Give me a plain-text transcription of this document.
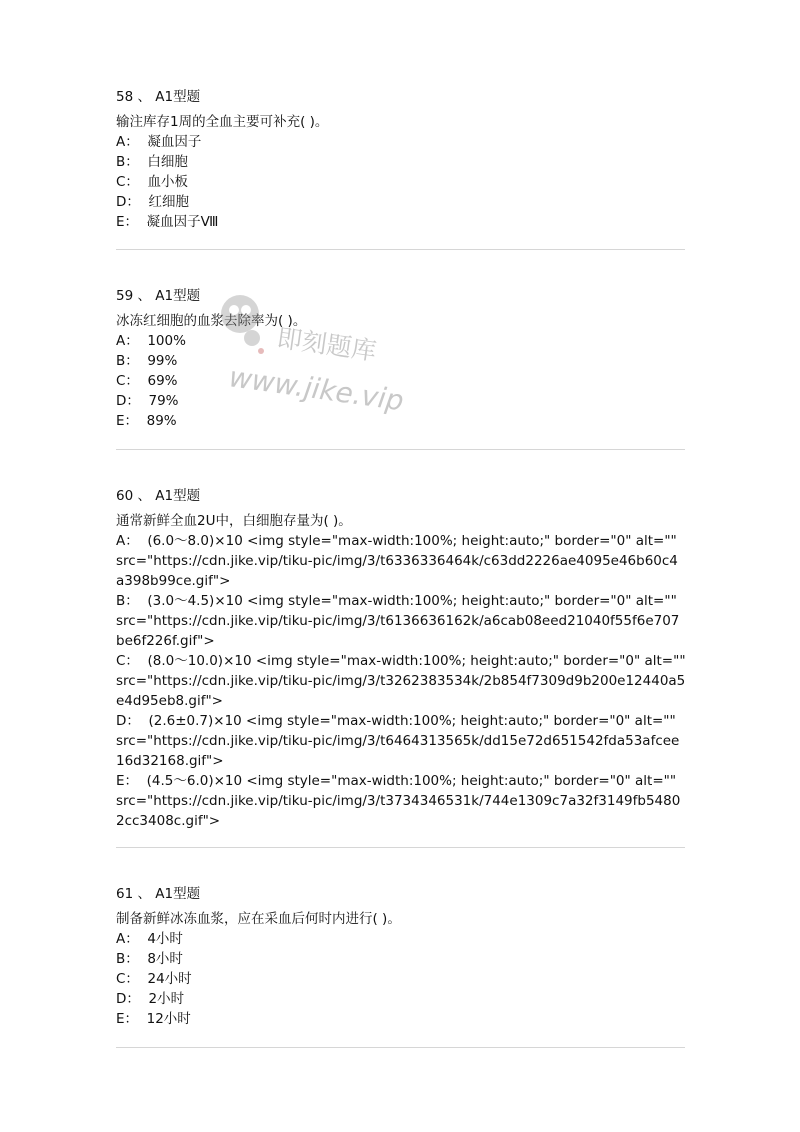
58 、 A1型题
输注库存1周的全血主要可补充( )。
A：  凝血因子
B：  白细胞
C：  血小板
D：  红细胞
E：  凝血因子Ⅷ
59 、 A1型题
冰冻红细胞的血浆去除率为( )。
A：  100%
B：  99%
C：  69%
D：  79%
E：  89%
60 、 A1型题
通常新鲜全血2U中，白细胞存量为( )。
A：  (6.0～8.0)×10 <img style="max-width:100%; height:auto;" border="0" alt="" src="https://cdn.jike.vip/tiku-pic/img/3/t6336336464k/c63dd2226ae4095e46b60c4a398b99ce.gif">
B：  (3.0～4.5)×10 <img style="max-width:100%; height:auto;" border="0" alt="" src="https://cdn.jike.vip/tiku-pic/img/3/t6136636162k/a6cab08eed21040f55f6e707be6f226f.gif">
C：  (8.0～10.0)×10 <img style="max-width:100%; height:auto;" border="0" alt="" src="https://cdn.jike.vip/tiku-pic/img/3/t3262383534k/2b854f7309d9b200e12440a5e4d95eb8.gif">
D：  (2.6±0.7)×10 <img style="max-width:100%; height:auto;" border="0" alt="" src="https://cdn.jike.vip/tiku-pic/img/3/t6464313565k/dd15e72d651542fda53afcee16d32168.gif">
E：  (4.5～6.0)×10 <img style="max-width:100%; height:auto;" border="0" alt="" src="https://cdn.jike.vip/tiku-pic/img/3/t3734346531k/744e1309c7a32f3149fb54802cc3408c.gif">
61 、 A1型题
制备新鲜冰冻血浆，应在采血后何时内进行( )。
A：  4小时
B：  8小时
C：  24小时
D：  2小时
E：  12小时
即刻题库
www.jike.vip
